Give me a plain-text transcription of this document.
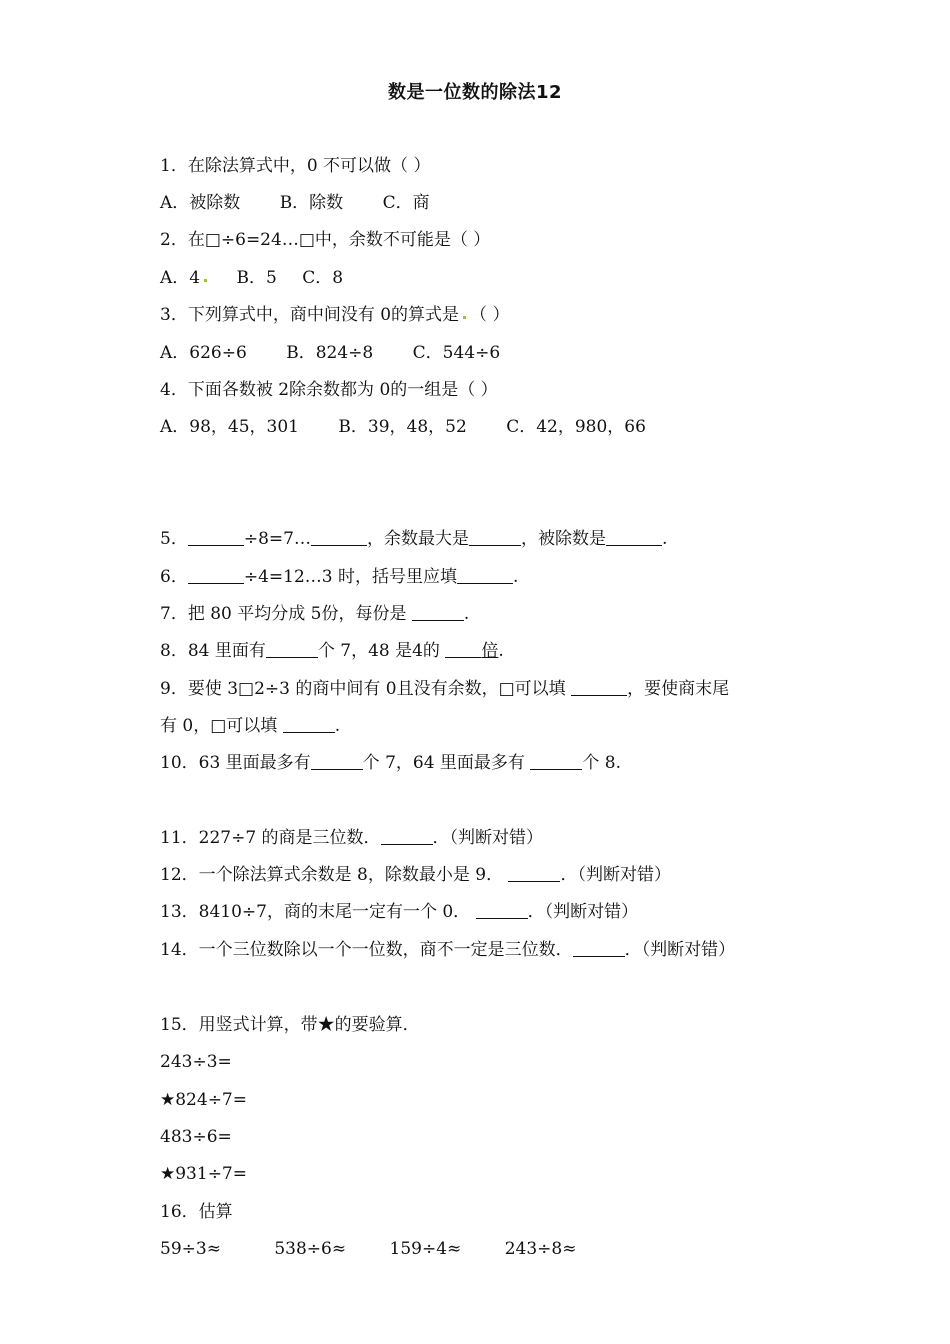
数是一位数的除法12
1．在除法算式中，0 不可以做（ ）
A．被除数 B．除数 C．商
2．在□÷6=24…□中，余数不可能是（ ）
A．4 B．5 C．8
3．下列算式中，商中间没有 0的算式是 （ ）
A．626÷6 B．824÷8 C．544÷6
4．下面各数被 2除余数都为 0的一组是（ ）
A．98，45，301 B．39，48，52 C．42，980，66
5．	÷8=7…	，余数最大是	，被除数是	.
6．	÷4=12…3 时，括号里应填	.
7．把 80 平均分成 5份，每份是	.
8．84 里面有	个 7，48 是4的 倍.
9．要使 3□2÷3 的商中间有 0且没有余数，□可以填	，要使商末尾
有 0，□可以填	.
10．63 里面最多有	个 7，64 里面最多有	个 8.
11．227÷7 的商是三位数．	．（判断对错）
12．一个除法算式余数是 8，除数最小是 9．	．（判断对错）
13．8410÷7，商的末尾一定有一个 0．	．（判断对错）
14．一个三位数除以一个一位数，商不一定是三位数．	．（判断对错）
15．用竖式计算，带★的要验算．
243÷3=
★824÷7=
483÷6=
★931÷7=
16．估算
59÷3≈	538÷6≈	159÷4≈	243÷8≈
